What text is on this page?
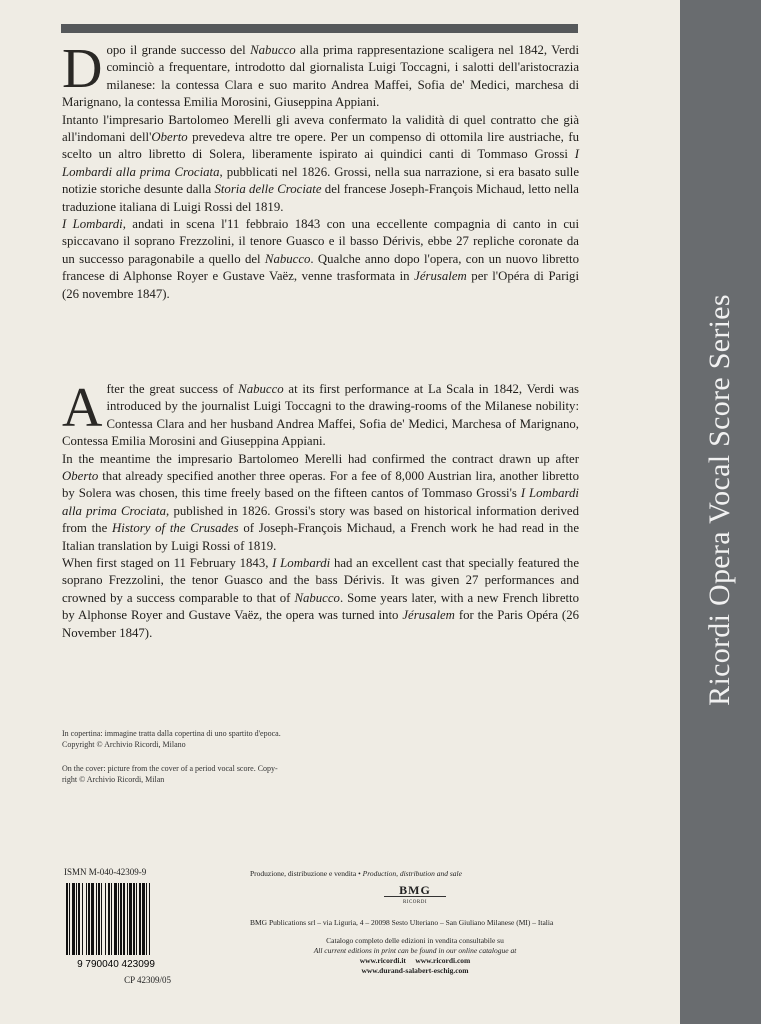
Ricordi Opera Vocal Score Series

Dopo il grande successo del Nabucco alla prima rappresentazione scaligera nel 1842, Verdi cominciò a frequentare, introdotto dal giornalista Luigi Toccagni, i salotti dell'aristocrazia milanese: la contessa Clara e suo marito Andrea Maffei, Sofia de' Medici, marchesa di Marignano, la contessa Emilia Morosini, Giuseppina Appiani.

Intanto l'impresario Bartolomeo Merelli gli aveva confermato la validità di quel contratto che già all'indomani dell'Oberto prevedeva altre tre opere. Per un compenso di ottomila lire austriache, fu scelto un altro libretto di Solera, liberamente ispirato ai quindici canti di Tommaso Grossi I Lombardi alla prima Crociata, pubblicati nel 1826. Grossi, nella sua narrazione, si era basato sulle notizie storiche desunte dalla Storia delle Crociate del francese Joseph-François Michaud, letto nella traduzione italiana di Luigi Rossi del 1819.

I Lombardi, andati in scena l'11 febbraio 1843 con una eccellente compagnia di canto in cui spiccavano il soprano Frezzolini, il tenore Guasco e il basso Dérivis, ebbe 27 repliche coronate da un successo paragonabile a quello del Nabucco. Qualche anno dopo l'opera, con un nuovo libretto francese di Alphonse Royer e Gustave Vaëz, venne trasformata in Jérusalem per l'Opéra di Parigi (26 novembre 1847).

After the great success of Nabucco at its first performance at La Scala in 1842, Verdi was introduced by the journalist Luigi Toccagni to the drawing-rooms of the Milanese nobility: Contessa Clara and her husband Andrea Maffei, Sofia de' Medici, Marchesa of Marignano, Contessa Emilia Morosini and Giuseppina Appiani.

In the meantime the impresario Bartolomeo Merelli had confirmed the contract drawn up after Oberto that already specified another three operas. For a fee of 8,000 Austrian lira, another libretto by Solera was chosen, this time freely based on the fifteen cantos of Tommaso Grossi's I Lombardi alla prima Crociata, published in 1826. Grossi's story was based on historical information derived from the History of the Crusades of Joseph-François Michaud, a French work he had read in the Italian translation by Luigi Rossi of 1819.

When first staged on 11 February 1843, I Lombardi had an excellent cast that specially featured the soprano Frezzolini, the tenor Guasco and the bass Dérivis. It was given 27 performances and crowned by a success comparable to that of Nabucco. Some years later, with a new French libretto by Alphonse Royer and Gustave Vaëz, the opera was turned into Jérusalem for the Paris Opéra (26 November 1847).

In copertina: immagine tratta dalla copertina di uno spartito d'epoca.
Copyright © Archivio Ricordi, Milano
On the cover: picture from the cover of a period vocal score. Copy-
right © Archivio Ricordi, Milan
ISMN M-040-42309-9
9 790040 423099
CP 42309/05
Produzione, distribuzione e vendita • Production, distribution and sale
BMG
RICORDI
BMG Publications srl – via Liguria, 4 – 20098 Sesto Ulteriano – San Giuliano Milanese (MI) – Italia
Catalogo completo delle edizioni in vendita consultabile su
All current editions in print can be found in our online catalogue at
www.ricordi.it www.ricordi.com
www.durand-salabert-eschig.com
